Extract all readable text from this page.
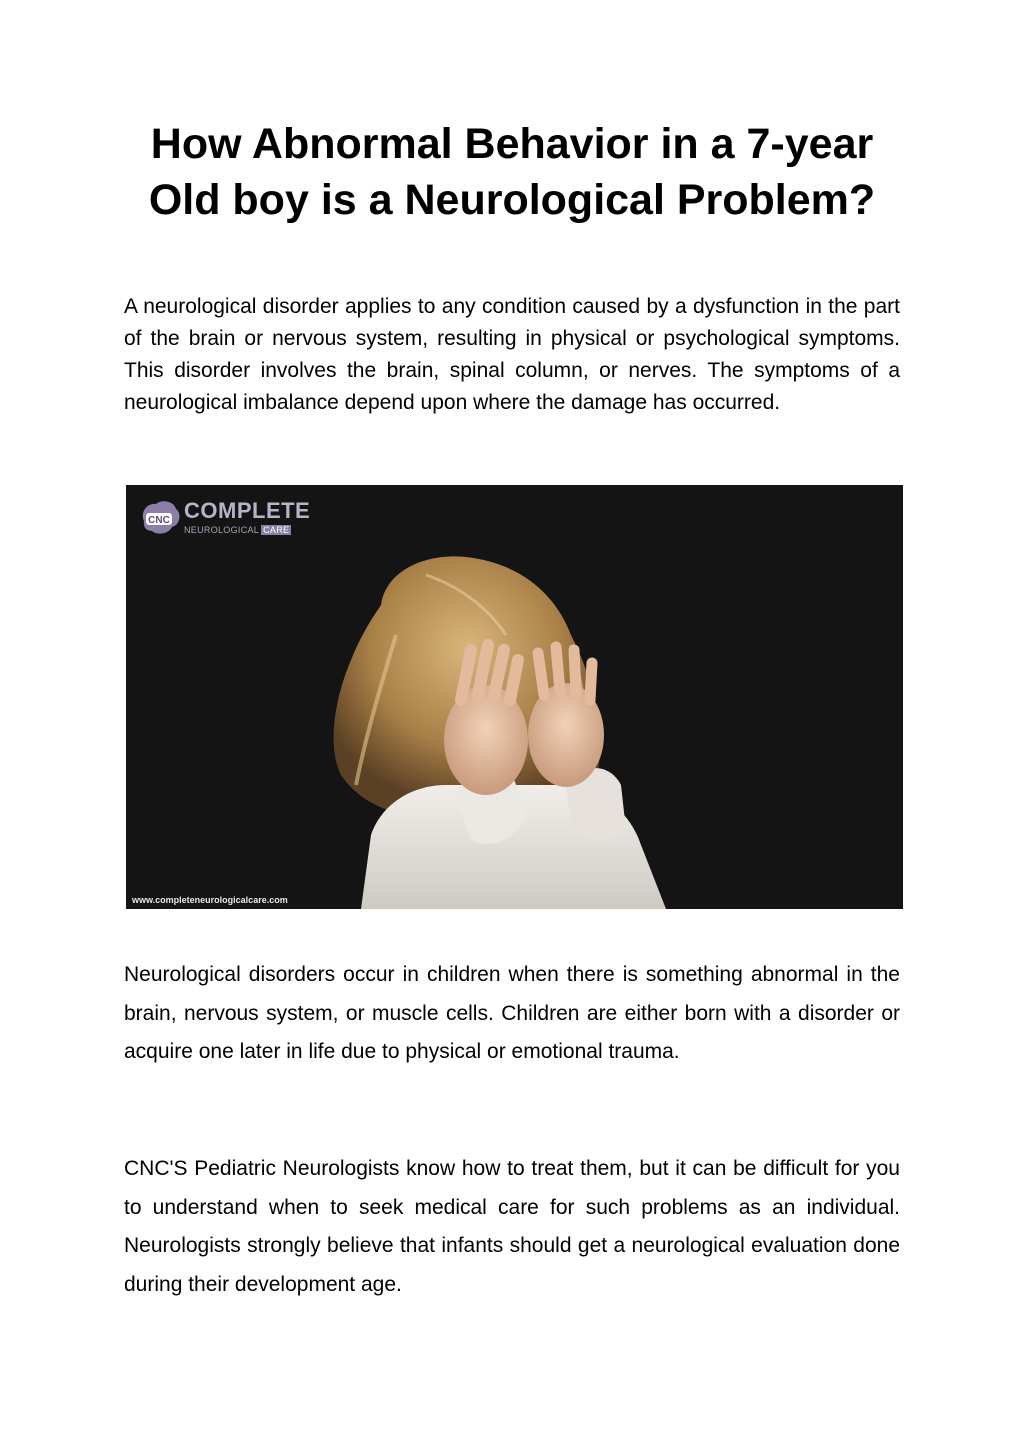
How Abnormal Behavior in a 7-year
Old boy is a Neurological Problem?

A neurological disorder applies to any condition caused by a dysfunction in the part of the brain or nervous system, resulting in physical or psychological symptoms. This disorder involves the brain, spinal column, or nerves. The symptoms of a neurological imbalance depend upon where the damage has occurred.

CNC COMPLETE
NEUROLOGICAL CARE
www.completeneurologicalcare.com

Neurological disorders occur in children when there is something abnormal in the brain, nervous system, or muscle cells. Children are either born with a disorder or acquire one later in life due to physical or emotional trauma.

CNC'S Pediatric Neurologists know how to treat them, but it can be difficult for you to understand when to seek medical care for such problems as an individual. Neurologists strongly believe that infants should get a neurological evaluation done during their development age.
